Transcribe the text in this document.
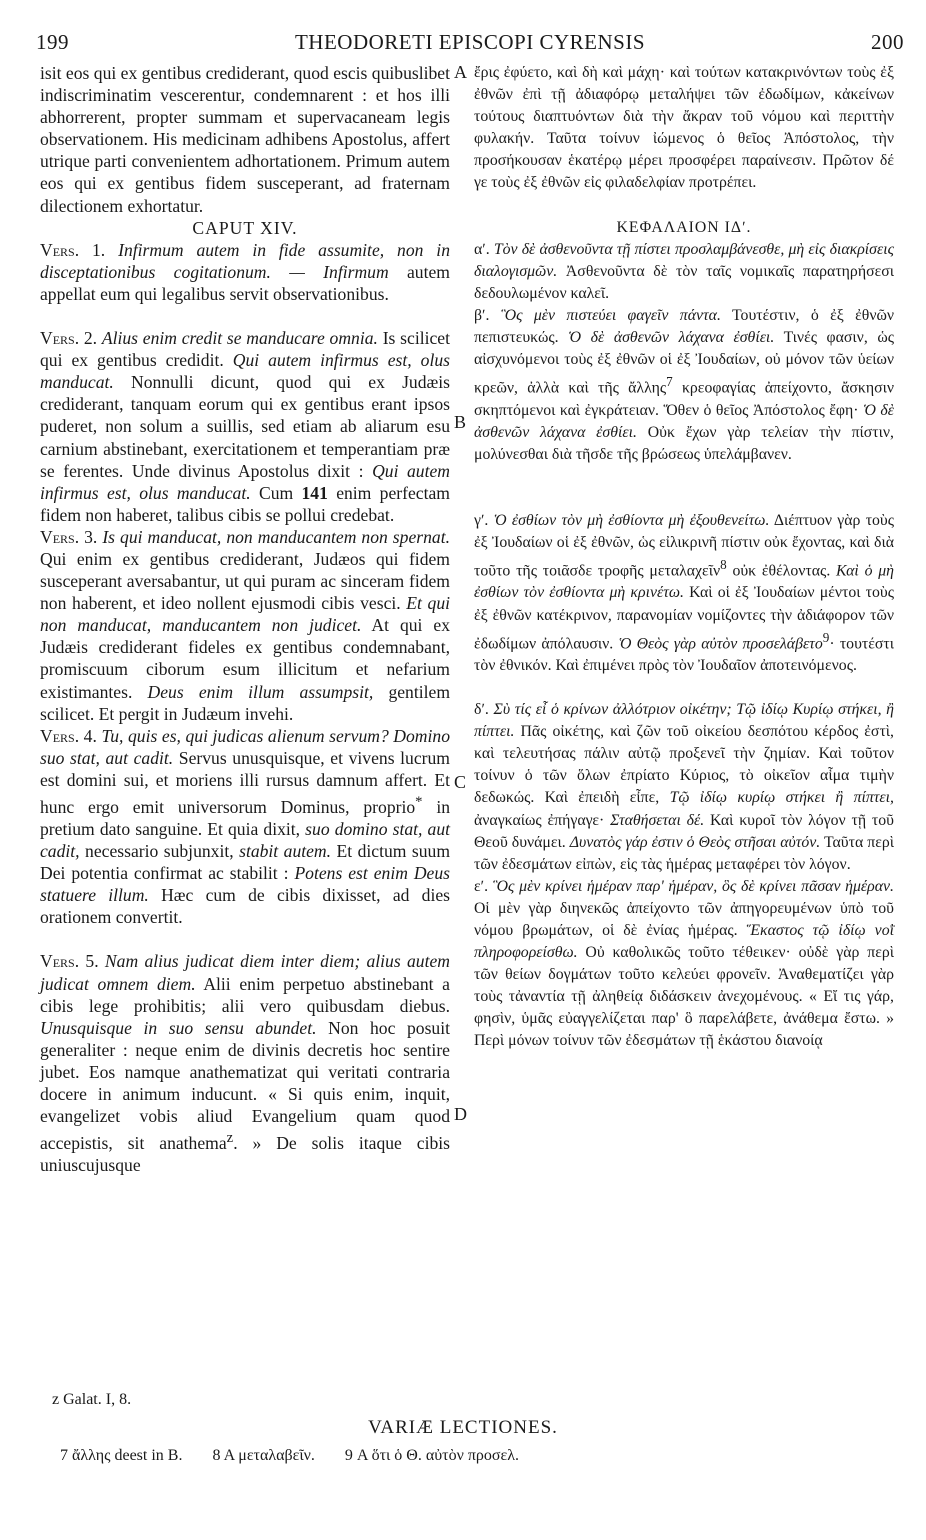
199	THEODORETI EPISCOPI CYRENSIS	200

isit eos qui ex gentibus crediderant, quod escis quibuslibet indiscriminatim vescerentur, condemnarent : et hos illi abhorrerent, propter summam et supervacaneam legis observationem. His medicinam adhibens Apostolus, affert utrique parti convenientem adhortationem. Primum autem eos qui ex gentibus fidem susceperant, ad fraternam dilectionem exhortatur.

CAPUT XIV.

Vers. 1. Infirmum autem in fide assumite, non in disceptationibus cogitationum. — Infirmum autem appellat eum qui legalibus servit observationibus.

Vers. 2. Alius enim credit se manducare omnia. Is scilicet qui ex gentibus credidit. Qui autem infirmus est, olus manducat. Nonnulli dicunt, quod qui ex Judæis crediderant, tanquam eorum qui ex gentibus erant ipsos puderet, non solum a suillis, sed etiam ab aliarum esu carnium abstinebant, exercitationem et temperantiam præ se ferentes. Unde divinus Apostolus dixit : Qui autem infirmus est, olus manducat. Cum 141 enim perfectam fidem non haberet, talibus cibis se pollui credebat.

Vers. 3. Is qui manducat, non manducantem non spernat. Qui enim ex gentibus crediderant, Judæos qui fidem susceperant aversabantur, ut qui puram ac sinceram fidem non haberent, et ideo nollent ejusmodi cibis vesci. Et qui non manducat, manducantem non judicet. At qui ex Judæis crediderant fideles ex gentibus condemnabant, promiscuum ciborum esum illicitum et nefarium existimantes. Deus enim illum assumpsit, gentilem scilicet. Et pergit in Judæum invehi.

Vers. 4. Tu, quis es, qui judicas alienum servum? Domino suo stat, aut cadit. Servus unusquisque, et vivens lucrum est domini sui, et moriens illi rursus damnum affert. Et hunc ergo emit universorum Dominus, proprio* in pretium dato sanguine. Et quia dixit, suo domino stat, aut cadit, necessario subjunxit, stabit autem. Et dictum suum Dei potentia confirmat ac stabilit : Potens est enim Deus statuere illum. Hæc cum de cibis dixisset, ad dies orationem convertit.

Vers. 5. Nam alius judicat diem inter diem; alius autem judicat omnem diem. Alii enim perpetuo abstinebant a cibis lege prohibitis; alii vero quibusdam diebus. Unusquisque in suo sensu abundet. Non hoc posuit generaliter : neque enim de divinis decretis hoc sentire jubet. Eos namque anathematizat qui veritati contraria docere in animum inducunt. « Si quis enim, inquit, evangelizet vobis aliud Evangelium quam quod accepistis, sit anathema$^z$. » De solis itaque cibis uniuscujusque

A
B
C
D

ἔρις ἐφύετο, καὶ δὴ καὶ μάχη· καὶ τούτων κατακρινόντων τοὺς ἐξ ἐθνῶν ἐπὶ τῇ ἀδιαφόρῳ μεταλήψει τῶν ἐδωδίμων, κἀκείνων τούτους διαπτυόντων διὰ τὴν ἄκραν τοῦ νόμου καὶ περιττὴν φυλακήν. Ταῦτα τοίνυν ἰώμενος ὁ θεῖος Ἀπόστολος, τὴν προσήκουσαν ἑκατέρῳ μέρει προσφέρει παραίνεσιν. Πρῶτον δέ γε τοὺς ἐξ ἐθνῶν εἰς φιλαδελφίαν προτρέπει.

ΚΕΦΑΛΑΙΟΝ ΙΔʹ.

αʹ. Τὸν δὲ ἀσθενοῦντα τῇ πίστει προσλαμβάνεσθε, μὴ εἰς διακρίσεις διαλογισμῶν. Ἀσθενοῦντα δὲ τὸν ταῖς νομικαῖς παρατηρήσεσι δεδουλωμένον καλεῖ.

βʹ. Ὃς μὲν πιστεύει φαγεῖν πάντα. Τουτέστιν, ὁ ἐξ ἐθνῶν πεπιστευκώς. Ὁ δὲ ἀσθενῶν λάχανα ἐσθίει. Τινές φασιν, ὡς αἰσχυνόμενοι τοὺς ἐξ ἐθνῶν οἱ ἐξ Ἰουδαίων, οὐ μόνον τῶν ὑείων κρεῶν, ἀλλὰ καὶ τῆς ἄλλης$^7$ κρεοφαγίας ἀπείχοντο, ἄσκησιν σκηπτόμενοι καὶ ἐγκράτειαν. Ὅθεν ὁ θεῖος Ἀπόστολος ἔφη· Ὁ δὲ ἀσθενῶν λάχανα ἐσθίει. Οὐκ ἔχων γὰρ τελείαν τὴν πίστιν, μολύνεσθαι διὰ τῆσδε τῆς βρώσεως ὑπελάμβανεν.

γʹ. Ὁ ἐσθίων τὸν μὴ ἐσθίοντα μὴ ἐξουθενείτω. Διέπτυον γὰρ τοὺς ἐξ Ἰουδαίων οἱ ἐξ ἐθνῶν, ὡς εἰλικρινῆ πίστιν οὐκ ἔχοντας, καὶ διὰ τοῦτο τῆς τοιᾶσδε τροφῆς μεταλαχεῖν$^8$ οὐκ ἐθέλοντας. Καὶ ὁ μὴ ἐσθίων τὸν ἐσθίοντα μὴ κρινέτω. Καὶ οἱ ἐξ Ἰουδαίων μέντοι τοὺς ἐξ ἐθνῶν κατέκρινον, παρανομίαν νομίζοντες τὴν ἀδιάφορον τῶν ἐδωδίμων ἀπόλαυσιν. Ὁ Θεὸς γὰρ αὐτὸν προσελάβετο$^9$· τουτέστι τὸν ἐθνικόν. Καὶ ἐπιμένει πρὸς τὸν Ἰουδαῖον ἀποτεινόμενος.

δʹ. Σὺ τίς εἶ ὁ κρίνων ἀλλότριον οἰκέτην; Τῷ ἰδίῳ Κυρίῳ στήκει, ἢ πίπτει. Πᾶς οἰκέτης, καὶ ζῶν τοῦ οἰκείου δεσπότου κέρδος ἐστὶ, καὶ τελευτήσας πάλιν αὐτῷ προξενεῖ τὴν ζημίαν. Καὶ τοῦτον τοίνυν ὁ τῶν ὅλων ἐπρίατο Κύριος, τὸ οἰκεῖον αἷμα τιμὴν δεδωκώς. Καὶ ἐπειδὴ εἶπε, Τῷ ἰδίῳ κυρίῳ στήκει ἢ πίπτει, ἀναγκαίως ἐπήγαγε· Σταθήσεται δέ. Καὶ κυροῖ τὸν λόγον τῇ τοῦ Θεοῦ δυνάμει. Δυνατὸς γάρ ἐστιν ὁ Θεὸς στῆσαι αὐτόν. Ταῦτα περὶ τῶν ἐδεσμάτων εἰπὼν, εἰς τὰς ἡμέρας μεταφέρει τὸν λόγον.

εʹ. Ὃς μὲν κρίνει ἡμέραν παρ' ἡμέραν, ὃς δὲ κρίνει πᾶσαν ἡμέραν. Οἱ μὲν γὰρ διηνεκῶς ἀπείχοντο τῶν ἀπηγορευμένων ὑπὸ τοῦ νόμου βρωμάτων, οἱ δὲ ἐνίας ἡμέρας. Ἕκαστος τῷ ἰδίῳ νοῒ πληροφορείσθω. Οὐ καθολικῶς τοῦτο τέθεικεν· οὐδὲ γὰρ περὶ τῶν θείων δογμάτων τοῦτο κελεύει φρονεῖν. Ἀναθεματίζει γὰρ τοὺς τἀναντία τῇ ἀληθείᾳ διδάσκειν ἀνεχομένους. « Εἴ τις γάρ, φησὶν, ὑμᾶς εὐαγγελίζεται παρ' ὃ παρελάβετε, ἀνάθεμα ἔστω. » Περὶ μόνων τοίνυν τῶν ἐδεσμάτων τῇ ἑκάστου διανοίᾳ

z Galat. I, 8.
VARIÆ LECTIONES.
7 ἄλλης deest in B. 8 A μεταλαβεῖν. 9 A ὅτι ὁ Θ. αὐτὸν προσελ.
